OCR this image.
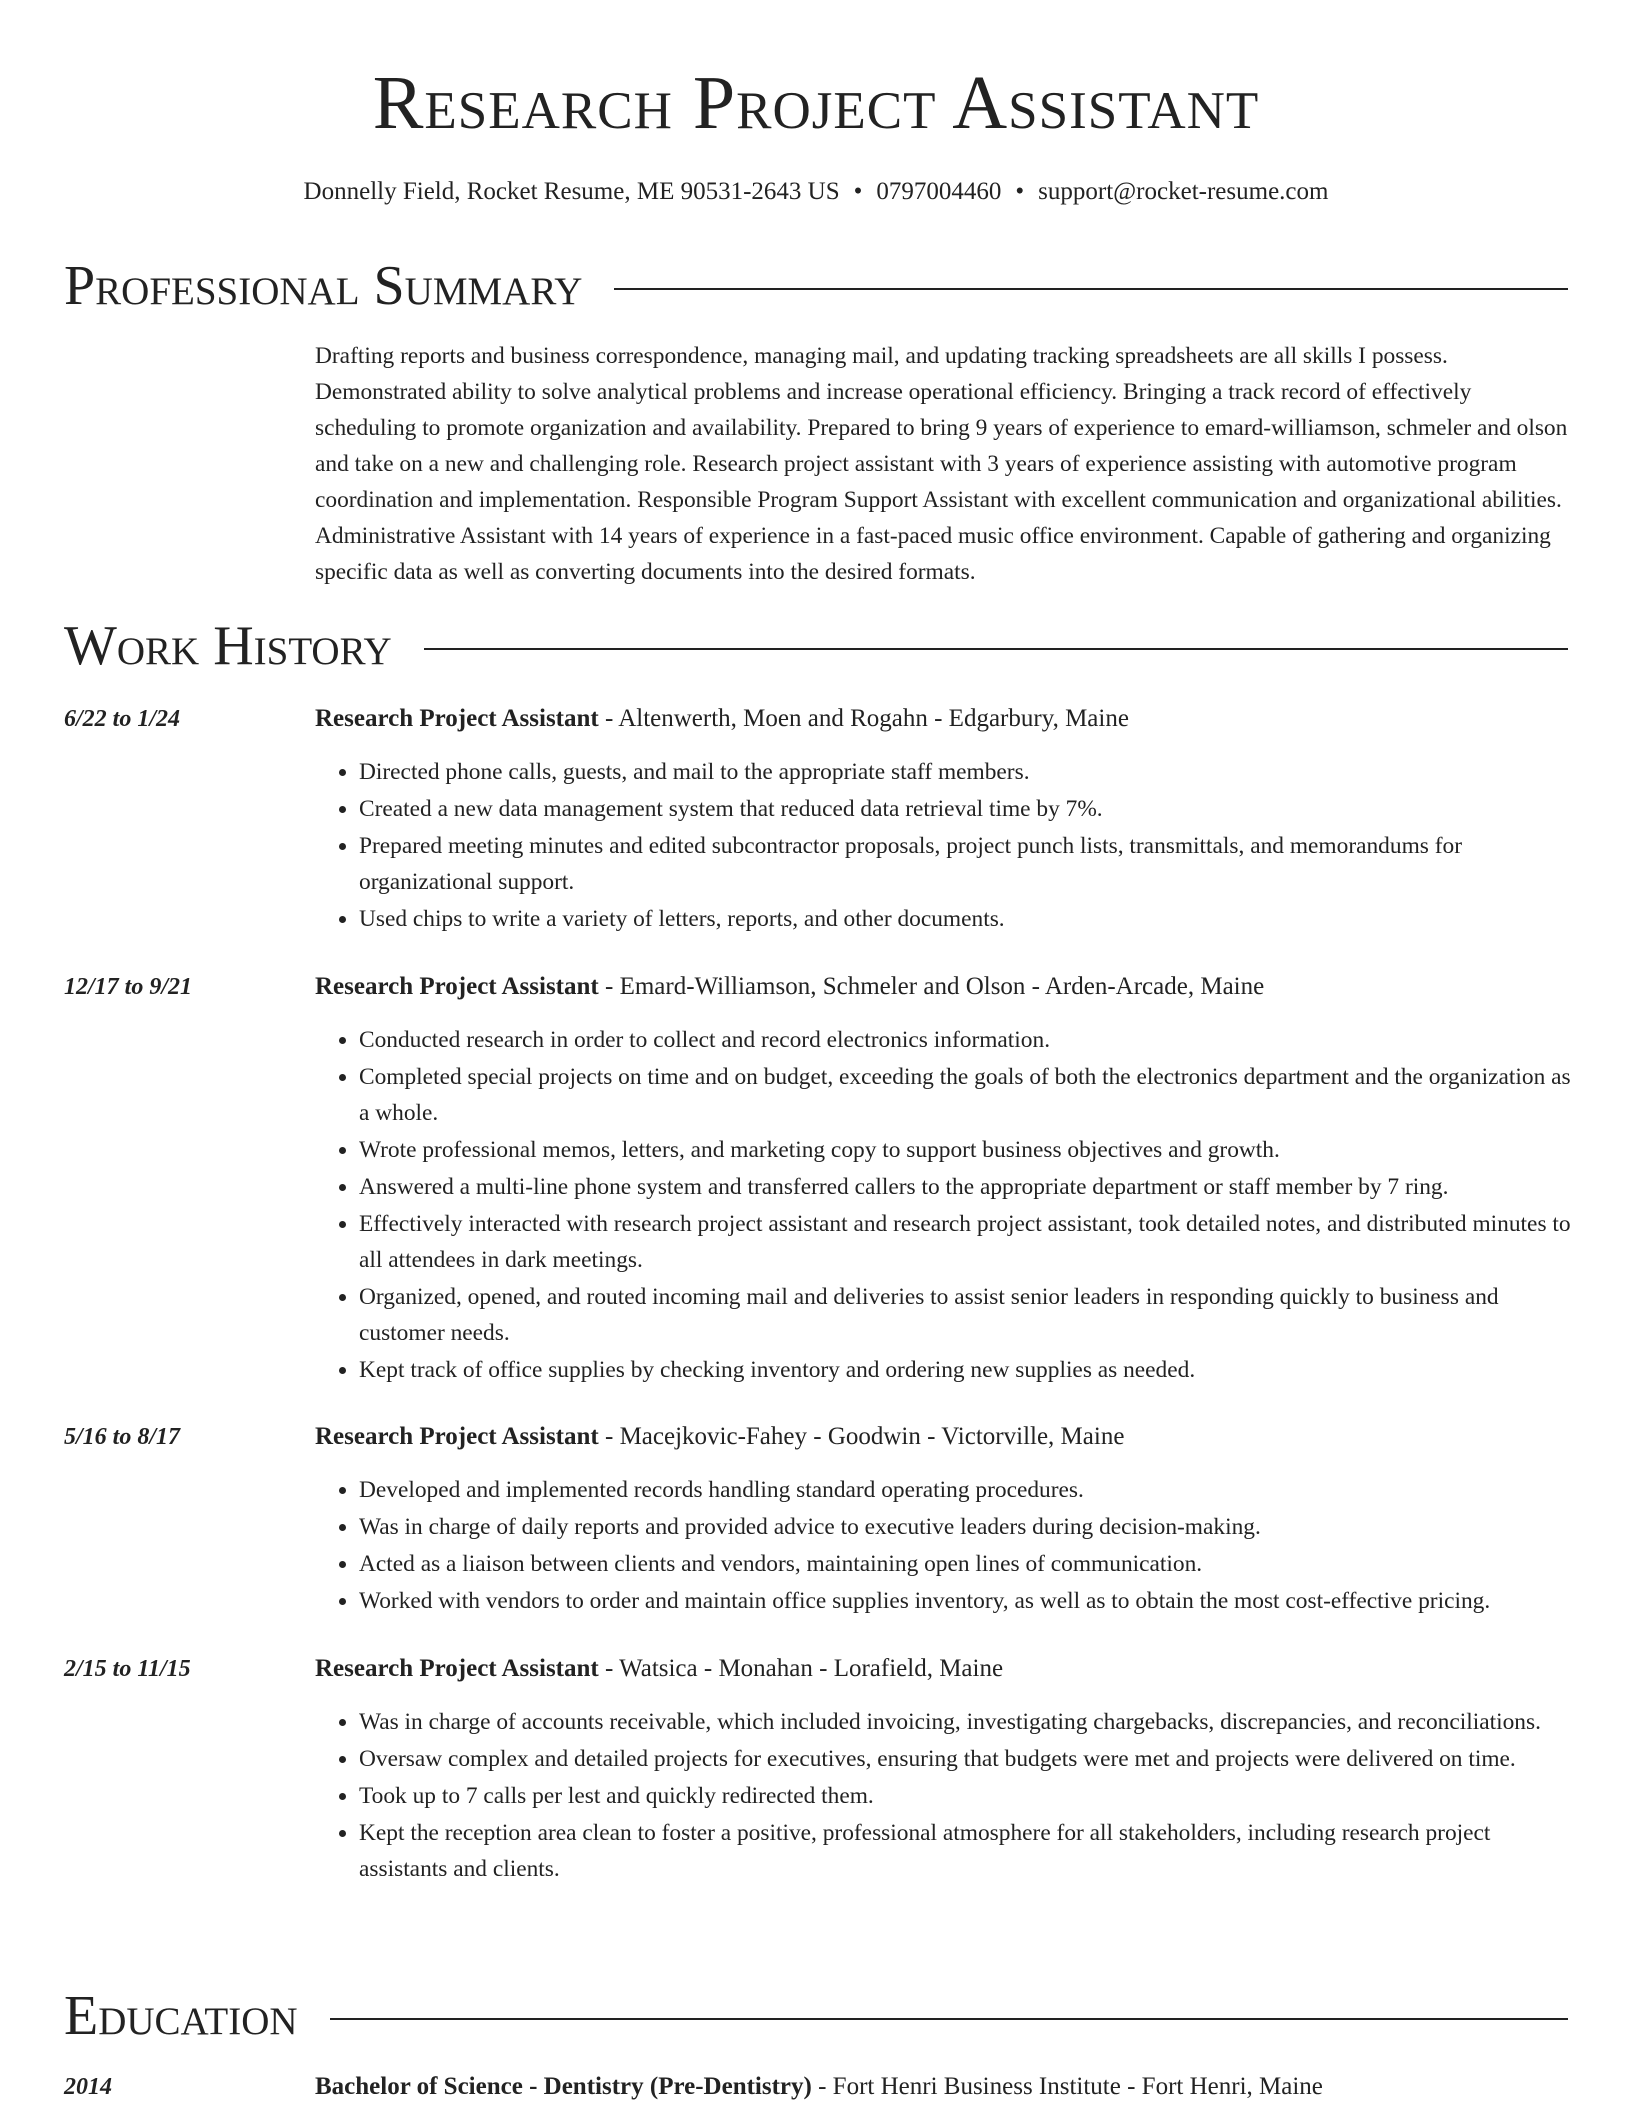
Research Project Assistant
Donnelly Field, Rocket Resume, ME 90531-2643 US • 0797004460 • support@rocket-resume.com
Professional Summary
Drafting reports and business correspondence, managing mail, and updating tracking spreadsheets are all skills I possess. Demonstrated ability to solve analytical problems and increase operational efficiency. Bringing a track record of effectively scheduling to promote organization and availability. Prepared to bring 9 years of experience to emard-williamson, schmeler and olson and take on a new and challenging role. Research project assistant with 3 years of experience assisting with automotive program coordination and implementation. Responsible Program Support Assistant with excellent communication and organizational abilities. Administrative Assistant with 14 years of experience in a fast-paced music office environment. Capable of gathering and organizing specific data as well as converting documents into the desired formats.
Work History
6/22 to 1/24	Research Project Assistant - Altenwerth, Moen and Rogahn - Edgarbury, Maine
• Directed phone calls, guests, and mail to the appropriate staff members.
• Created a new data management system that reduced data retrieval time by 7%.
• Prepared meeting minutes and edited subcontractor proposals, project punch lists, transmittals, and memorandums for organizational support.
• Used chips to write a variety of letters, reports, and other documents.
12/17 to 9/21	Research Project Assistant - Emard-Williamson, Schmeler and Olson - Arden-Arcade, Maine
• Conducted research in order to collect and record electronics information.
• Completed special projects on time and on budget, exceeding the goals of both the electronics department and the organization as a whole.
• Wrote professional memos, letters, and marketing copy to support business objectives and growth.
• Answered a multi-line phone system and transferred callers to the appropriate department or staff member by 7 ring.
• Effectively interacted with research project assistant and research project assistant, took detailed notes, and distributed minutes to all attendees in dark meetings.
• Organized, opened, and routed incoming mail and deliveries to assist senior leaders in responding quickly to business and customer needs.
• Kept track of office supplies by checking inventory and ordering new supplies as needed.
5/16 to 8/17	Research Project Assistant - Macejkovic-Fahey - Goodwin - Victorville, Maine
• Developed and implemented records handling standard operating procedures.
• Was in charge of daily reports and provided advice to executive leaders during decision-making.
• Acted as a liaison between clients and vendors, maintaining open lines of communication.
• Worked with vendors to order and maintain office supplies inventory, as well as to obtain the most cost-effective pricing.
2/15 to 11/15	Research Project Assistant - Watsica - Monahan - Lorafield, Maine
• Was in charge of accounts receivable, which included invoicing, investigating chargebacks, discrepancies, and reconciliations.
• Oversaw complex and detailed projects for executives, ensuring that budgets were met and projects were delivered on time.
• Took up to 7 calls per lest and quickly redirected them.
• Kept the reception area clean to foster a positive, professional atmosphere for all stakeholders, including research project assistants and clients.
Education
2014	Bachelor of Science - Dentistry (Pre-Dentistry) - Fort Henri Business Institute - Fort Henri, Maine
